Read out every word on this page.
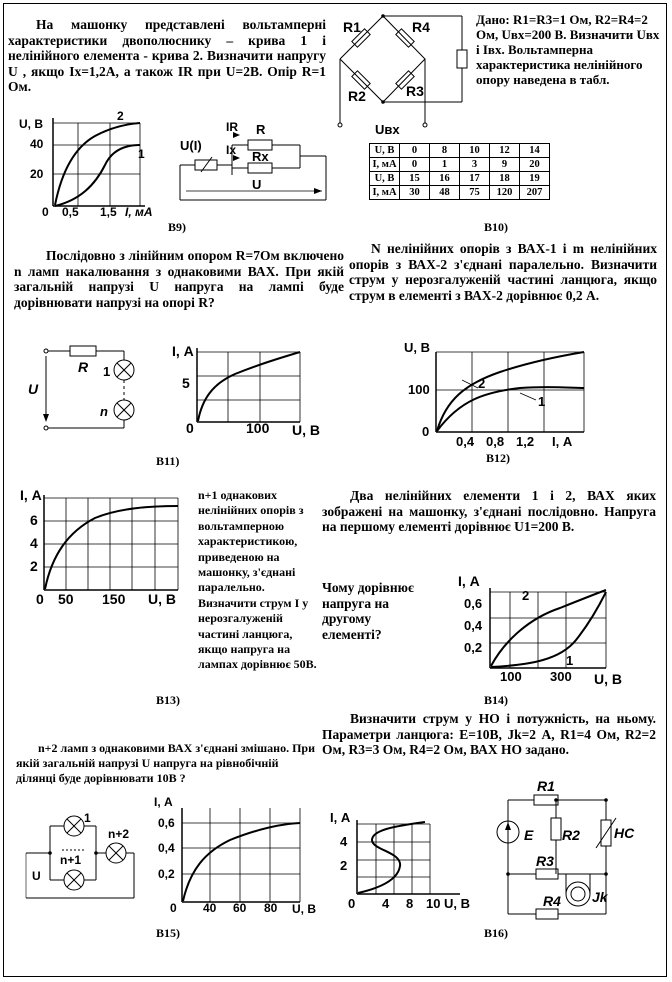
На мaшонку представлені вольтамперні характеристики двополюснику – крива 1 і нелінійного елемента - крива 2. Визначити напругу U , якщо Ix=1,2A, а також IR при U=2B. Опір R=1 Ом.
U, В
40
20
0 0,5 1,5 I, мА
2
1
U(I)
IR R
Ix Rx
U
В9)
R1	R4
R2	R3
Uвх
Дано: R1=R3=1 Ом, R2=R4=2 Ом, Uвх=200 В. Визначити Uвх і Iвх. Вольтамперна характеристика нелінійного опору наведена в табл.
U, В	0	8	10	12	14
I, мА	0	1	3	9	20
U, В	15	16	17	18	19
I, мА	30	48	75	120	207
В10)
Послідовно з лінійним опором R=7Ом включено n ламп накалювання з однаковими ВАХ. При якій загальній напрузі U напруга на лампі буде дорівнювати напрузі на опорі R?
R 1
n
U
I, А
5
0	100 U, В
В11)
N нелінійних опорів з ВАХ-1 і m нелінійних опорів з ВАХ-2 з'єднані паралельно. Визначити струм у нерозгалуженій частині ланцюга, якщо струм в елементі з ВАХ-2 дорівнює 0,2 А.
U, В
100
0
0,4 0,8 1,2 I, А
2
1
В12)
I, А
6
4
2
0 50 150 U, В
n+1 однакових нелінійних опорів з вольтамперною характеристикою, приведеною на мaшонку, з'єднані паралельно. Визначити струм I у нерозгалуженій частині ланцюга, якщо напруга на лампах дорівнює 50В.
В13)
Два нелінійних елементи 1 і 2, ВАХ яких зображені на мaшонку, з'єднані послідовно. Напруга на першому елементі дорівнює U1=200 В.
Чому дорівнює напруга на другому елементі?
I, А
0,6
0,4
0,2
100 300 U, В
2
1
В14)
n+2 ламп з однаковими ВАХ з'єднані змішано. При якій загальній напрузі U напруга на рівнобічній ділянці буде дорівнювати 10В ?
1
n+1
n+2
U
I, А
0,6
0,4
0,2
0 40 60 80 U, В
В15)
Визначити струм у НО і потужність, на ньому. Параметри ланцюга: E=10В, Jk=2 А, R1=4 Ом, R2=2 Ом, R3=3 Ом, R4=2 Ом, ВАХ НО задано.
I, А
4
2
0 4 8 10 U, В
R1
E R2 НС
R3
R4 Jk
В16)
